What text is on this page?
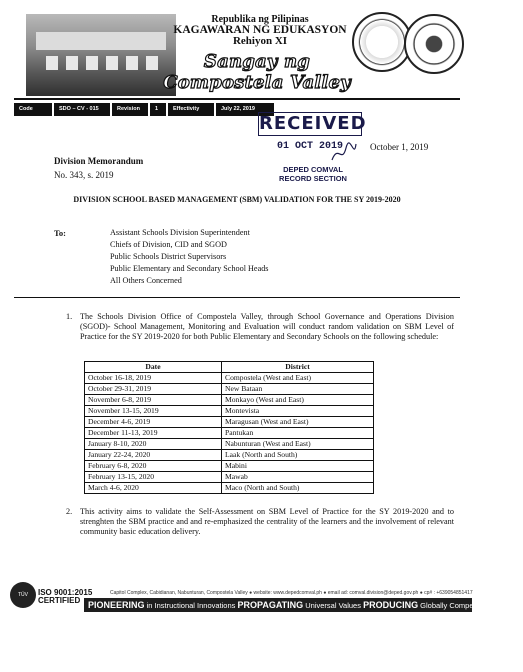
Republika ng Pilipinas
KAGAWARAN NG EDUKASYON
Rehiyon XI
Sangay ng Compostela Valley
Code	SDO – CV - 015	Revision	1	Effectivity	July 22, 2019
RECEIVED
01 OCT 2019
DEPED COMVAL
RECORD SECTION
October 1, 2019
Division Memorandum
No. 343, s. 2019
DIVISION SCHOOL BASED MANAGEMENT (SBM) VALIDATION FOR THE SY 2019-2020
To:	Assistant Schools Division Superintendent
Chiefs of Division, CID and SGOD
Public Schools District Supervisors
Public Elementary and Secondary School Heads
All Others Concerned
1. The Schools Division Office of Compostela Valley, through School Governance and Operations Division (SGOD)- School Management, Monitoring and Evaluation will conduct random validation on SBM Level of Practice for the SY 2019-2020 for both Public Elementary and Secondary Schools on the following schedule:
Date	District
October 16-18, 2019	Compostela (West and East)
October 29-31, 2019	New Bataan
November 6-8, 2019	Monkayo (West and East)
November 13-15, 2019	Montevista
December 4-6, 2019	Maragusan (West and East)
December 11-13, 2019	Pantukan
January 8-10, 2020	Nabunturan (West and East)
January 22-24, 2020	Laak (North and South)
February 6-8, 2020	Mabini
February 13-15, 2020	Mawab
March 4-6, 2020	Maco (North and South)
2. This activity aims to validate the Self-Assessment on SBM Level of Practice for the SY 2019-2020 and to strenghten the SBM practice and and re-emphasized the centrality of the learners and the involvement of relevant community basic education delivery.
Capitol Complex, Cabidianan, Nabunturan, Compostela Valley ● website: www.depedcomval.ph ● email ad: comval.division@deped.gov.ph ● cp# : +639054851417
TÜV	ISO 9001:2015
CERTIFIED PIONEERING in Instructional Innovations PROPAGATING Universal Values PRODUCING Globally Competent Graduates
